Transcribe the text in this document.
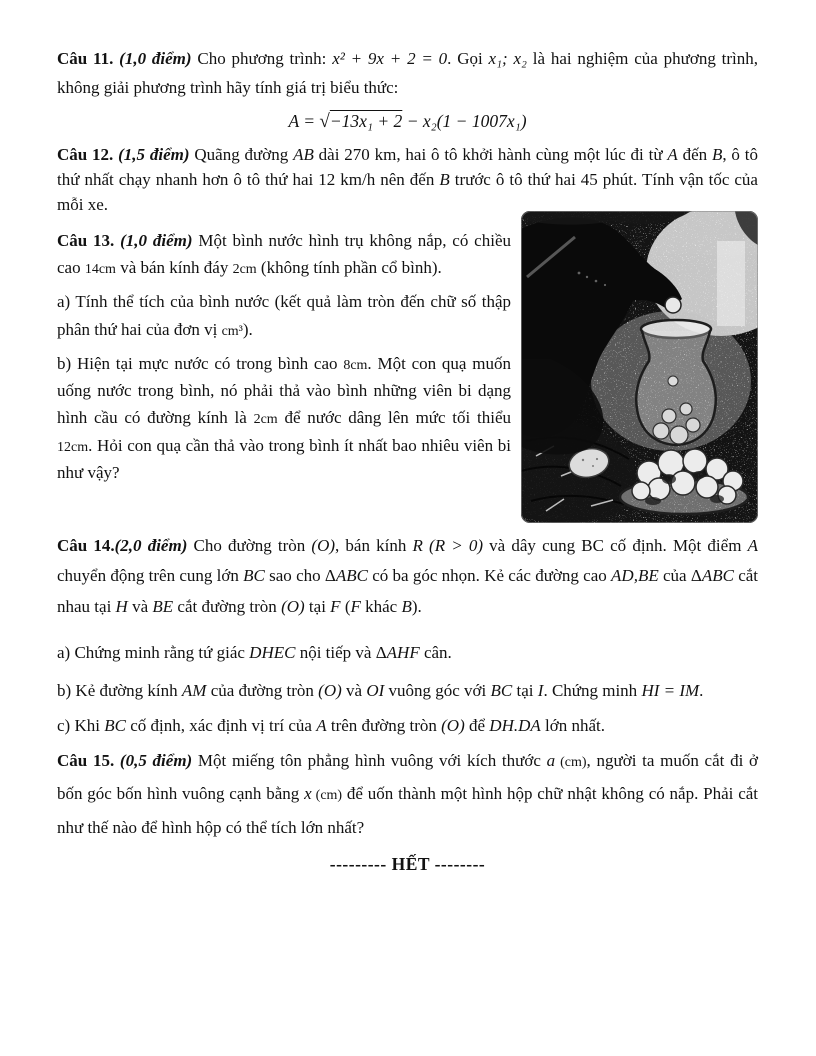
Câu 11. (1,0 điểm) Cho phương trình: x² + 9x + 2 = 0. Gọi x₁; x₂ là hai nghiệm của phương trình, không giải phương trình hãy tính giá trị biểu thức:

A = √−13x₁ + 2 − x₂(1 − 1007x₁)

Câu 12. (1,5 điểm) Quãng đường AB dài 270 km, hai ô tô khởi hành cùng một lúc đi từ A đến B, ô tô thứ nhất chạy nhanh hơn ô tô thứ hai 12 km/h nên đến B trước ô tô thứ hai 45 phút. Tính vận tốc của mỗi xe.

Câu 13. (1,0 điểm) Một bình nước hình trụ không nắp, có chiều cao 14cm và bán kính đáy 2cm (không tính phần cổ bình).

a) Tính thể tích của bình nước (kết quả làm tròn đến chữ số thập phân thứ hai của đơn vị cm³).

b) Hiện tại mực nước có trong bình cao 8cm. Một con quạ muốn uống nước trong bình, nó phải thả vào bình những viên bi dạng hình cầu có đường kính là 2cm để nước dâng lên mức tối thiểu 12cm. Hỏi con quạ cần thả vào trong bình ít nhất bao nhiêu viên bi như vậy?

Câu 14.(2,0 điểm) Cho đường tròn (O), bán kính R (R > 0) và dây cung BC cố định. Một điểm A chuyển động trên cung lớn BC sao cho ΔABC có ba góc nhọn. Kẻ các đường cao AD,BE của ΔABC cắt nhau tại H và BE cắt đường tròn (O) tại F (F khác B).

a) Chứng minh rằng tứ giác DHEC nội tiếp và ΔAHF cân.

b) Kẻ đường kính AM của đường tròn (O) và OI vuông góc với BC tại I. Chứng minh HI = IM.

c) Khi BC cố định, xác định vị trí của A trên đường tròn (O) để DH.DA lớn nhất.

Câu 15. (0,5 điểm) Một miếng tôn phẳng hình vuông với kích thước a (cm), người ta muốn cắt đi ở bốn góc bốn hình vuông cạnh bằng x (cm) để uốn thành một hình hộp chữ nhật không có nắp. Phải cắt như thế nào để hình hộp có thể tích lớn nhất?

--------- HẾT --------
